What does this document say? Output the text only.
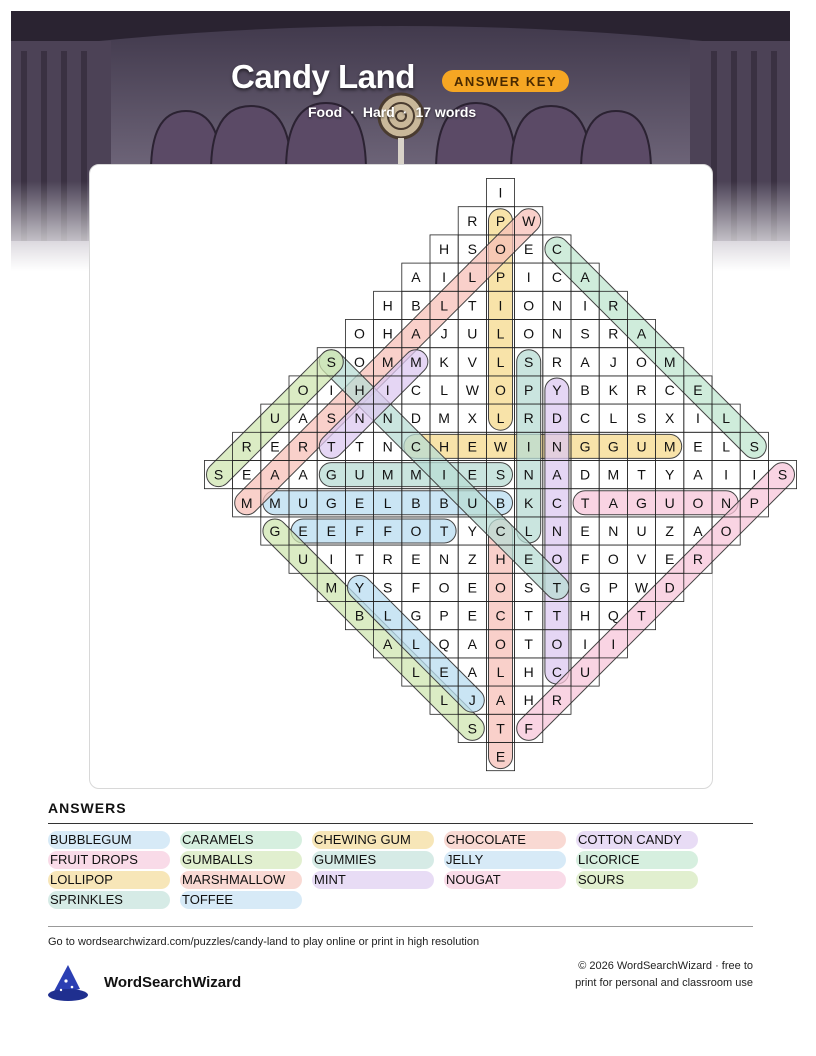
Candy Land	ANSWER KEY
Food · Hard · 17 words
I
R P W
H S O E C
A I L P I C A
H B L T I O N I R
O H A J U L O N S R A
S O M M K V L S R A J O M
O I H I C L W O P Y B K R C E
U A S N N D M X L R D C L S X I L
R E R T T N C H E W I N G G U M E L S
S E A A G U M M I E S N A D M T Y A I I S
M M U G E L B B U B K C T A G U O N P
G E E F F O T Y C L N E N U Z A O
U I T R E N Z H E O F O V E R
M Y S F O E O S T G P W D
B L G P E C T T H Q T
A L Q A O T O I I
L E A L H C U
L J A H R
S T F
E
ANSWERS
BUBBLEGUM	CARAMELS	CHEWING GUM	CHOCOLATE	COTTON CANDY
FRUIT DROPS	GUMBALLS	GUMMIES	JELLY	LICORICE
LOLLIPOP	MARSHMALLOW	MINT	NOUGAT	SOURS
SPRINKLES	TOFFEE
Go to wordsearchwizard.com/puzzles/candy-land to play online or print in high resolution
WordSearchWizard
© 2026 WordSearchWizard · free to print for personal and classroom use
